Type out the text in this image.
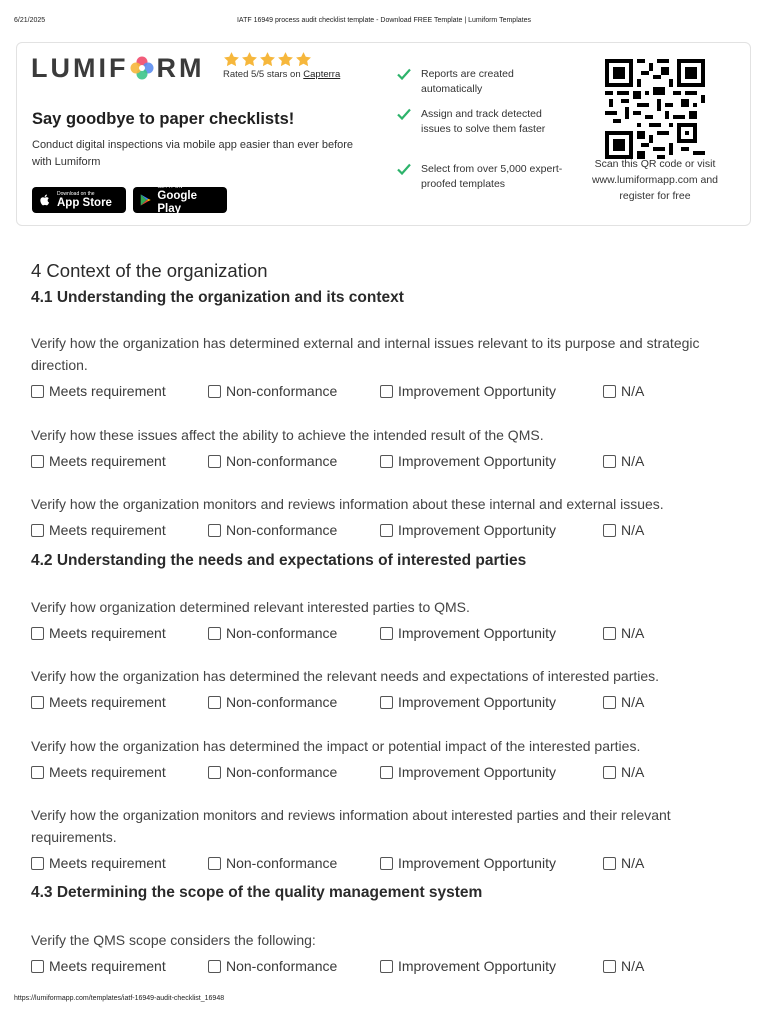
6/21/2025	IATF 16949 process audit checklist template - Download FREE Template | Lumiform Templates
LUMIF RM Rated 5/5 stars on Capterra
Say goodbye to paper checklists!
Conduct digital inspections via mobile app easier than ever before with Lumiform
Download on the
App Store
GET IT ON
Google Play
Reports are created automatically
Assign and track detected issues to solve them faster
Select from over 5,000 expert-proofed templates
Scan this QR code or visit www.lumiformapp.com and register for free
4 Context of the organization
4.1 Understanding the organization and its context
Verify how the organization has determined external and internal issues relevant to its purpose and strategic direction.
Meets requirement	Non-conformance	Improvement Opportunity	N/A
Verify how these issues affect the ability to achieve the intended result of the QMS.
Meets requirement	Non-conformance	Improvement Opportunity	N/A
Verify how the organization monitors and reviews information about these internal and external issues.
Meets requirement	Non-conformance	Improvement Opportunity	N/A
4.2 Understanding the needs and expectations of interested parties
Verify how organization determined relevant interested parties to QMS.
Meets requirement	Non-conformance	Improvement Opportunity	N/A
Verify how the organization has determined the relevant needs and expectations of interested parties.
Meets requirement	Non-conformance	Improvement Opportunity	N/A
Verify how the organization has determined the impact or potential impact of the interested parties.
Meets requirement	Non-conformance	Improvement Opportunity	N/A
Verify how the organization monitors and reviews information about interested parties and their relevant requirements.
Meets requirement	Non-conformance	Improvement Opportunity	N/A
4.3 Determining the scope of the quality management system
Verify the QMS scope considers the following:
Meets requirement	Non-conformance	Improvement Opportunity	N/A
https://lumiformapp.com/templates/iatf-16949-audit-checklist_16948
